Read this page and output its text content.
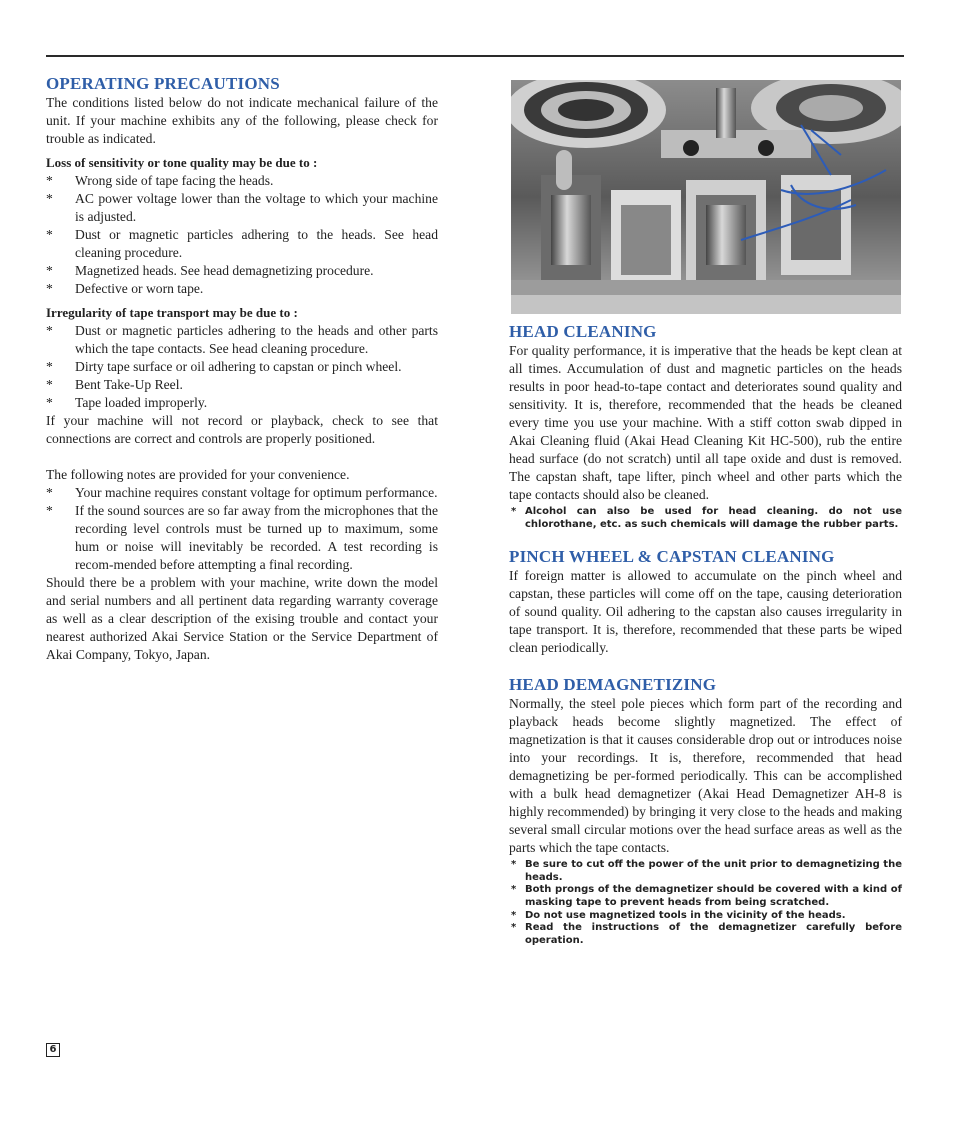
OPERATING PRECAUTIONS

The conditions listed below do not indicate mechanical failure of the unit. If your machine exhibits any of the following, please check for trouble as indicated.

Loss of sensitivity or tone quality may be due to :

* Wrong side of tape facing the heads.
* AC power voltage lower than the voltage to which your machine is adjusted.
* Dust or magnetic particles adhering to the heads. See head cleaning procedure.
* Magnetized heads. See head demagnetizing procedure.
* Defective or worn tape.

Irregularity of tape transport may be due to :

* Dust or magnetic particles adhering to the heads and other parts which the tape contacts. See head cleaning procedure.
* Dirty tape surface or oil adhering to capstan or pinch wheel.
* Bent Take-Up Reel.
* Tape loaded improperly.

If your machine will not record or playback, check to see that connections are correct and controls are properly positioned.

The following notes are provided for your convenience.

* Your machine requires constant voltage for optimum performance.
* If the sound sources are so far away from the microphones that the recording level controls must be turned up to maximum, some hum or noise will inevitably be recorded. A test recording is recom-mended before attempting a final recording.

Should there be a problem with your machine, write down the model and serial numbers and all pertinent data regarding warranty coverage as well as a clear description of the exising trouble and contact your nearest authorized Akai Service Station or the Service Department of Akai Company, Tokyo, Japan.

HEAD CLEANING

For quality performance, it is imperative that the heads be kept clean at all times. Accumulation of dust and magnetic particles on the heads results in poor head-to-tape contact and deteriorates sound quality and sensitivity. It is, therefore, recommended that the heads be cleaned every time you use your machine. With a stiff cotton swab dipped in Akai Cleaning fluid (Akai Head Cleaning Kit HC-500), rub the entire head surface (do not scratch) until all tape oxide and dust is removed. The capstan shaft, tape lifter, pinch wheel and other parts which the tape contacts should also be cleaned.

* Alcohol can also be used for head cleaning. do not use chlorothane, etc. as such chemicals will damage the rubber parts.
PINCH WHEEL & CAPSTAN CLEANING

If foreign matter is allowed to accumulate on the pinch wheel and capstan, these particles will come off on the tape, causing deterioration of sound quality. Oil adhering to the capstan also causes irregularity in tape transport. It is, therefore, recommended that these parts be wiped clean periodically.

HEAD DEMAGNETIZING

Normally, the steel pole pieces which form part of the recording and playback heads become slightly magnetized. The effect of magnetization is that it causes considerable drop out or introduces noise into your recordings. It is, therefore, recommended that head demagnetizing be per-formed periodically. This can be accomplished with a bulk head demagnetizer (Akai Head Demagnetizer AH-8 is highly recommended) by bringing it very close to the heads and making several small circular motions over the head surface areas as well as the parts which the tape contacts.

* Be sure to cut off the power of the unit prior to demagnetizing the heads.
* Both prongs of the demagnetizer should be covered with a kind of masking tape to prevent heads from being scratched.
* Do not use magnetized tools in the vicinity of the heads.
* Read the instructions of the demagnetizer carefully before operation.
6
